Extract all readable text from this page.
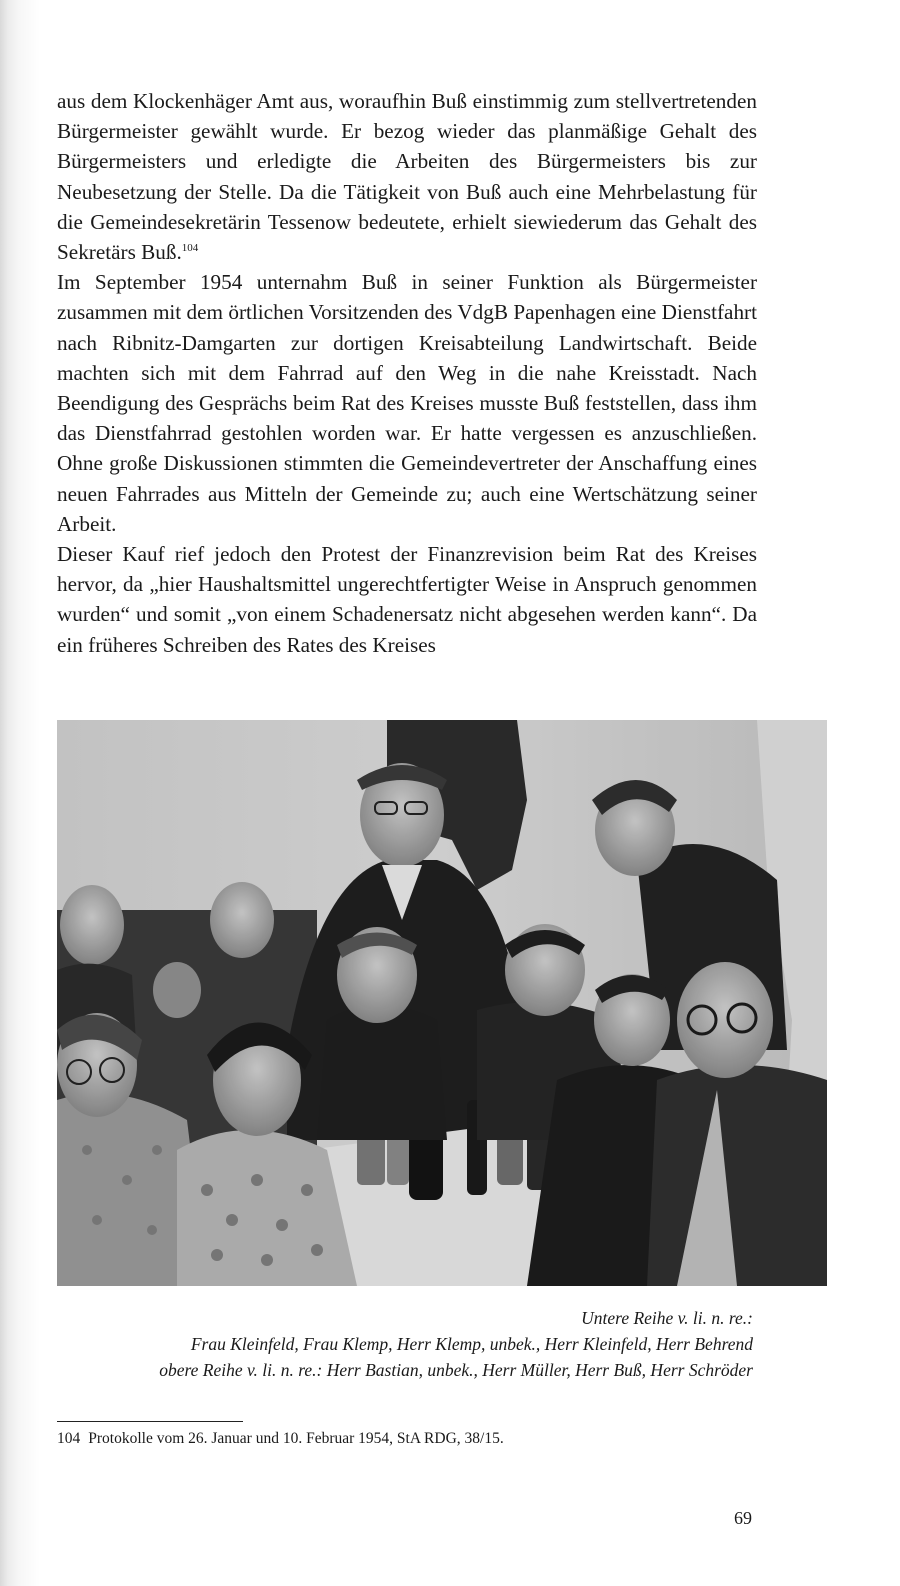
aus dem Klockenhäger Amt aus, woraufhin Buß einstimmig zum stellvertretenden Bürgermeister gewählt wurde. Er bezog wieder das planmäßige Gehalt des Bürgermeisters und erledigte die Arbeiten des Bürgermeisters bis zur Neubesetzung der Stelle. Da die Tätigkeit von Buß auch eine Mehrbelastung für die Gemeindesekretärin Tessenow bedeutete, erhielt siewiederum das Gehalt des Sekretärs Buß.$^{104}$

Im September 1954 unternahm Buß in seiner Funktion als Bürgermeister zusammen mit dem örtlichen Vorsitzenden des VdgB Papenhagen eine Dienstfahrt nach Ribnitz-Damgarten zur dortigen Kreisabteilung Landwirtschaft. Beide machten sich mit dem Fahrrad auf den Weg in die nahe Kreisstadt. Nach Beendigung des Gesprächs beim Rat des Kreises musste Buß feststellen, dass ihm das Dienstfahrrad gestohlen worden war. Er hatte vergessen es anzuschließen. Ohne große Diskussionen stimmten die Gemeindevertreter der Anschaffung eines neuen Fahrrades aus Mitteln der Gemeinde zu; auch eine Wertschätzung seiner Arbeit.

Dieser Kauf rief jedoch den Protest der Finanzrevision beim Rat des Kreises hervor, da „hier Haushaltsmittel ungerechtfertigter Weise in Anspruch genommen wurden“ und somit „von einem Schadenersatz nicht abgesehen werden kann“. Da ein früheres Schreiben des Rates des Kreises

Untere Reihe v. li. n. re.:
Frau Kleinfeld, Frau Klemp, Herr Klemp, unbek., Herr Kleinfeld, Herr Behrend
obere Reihe v. li. n. re.: Herr Bastian, unbek., Herr Müller, Herr Buß, Herr Schröder
104 Protokolle vom 26. Januar und 10. Februar 1954, StA RDG, 38/15.
69
